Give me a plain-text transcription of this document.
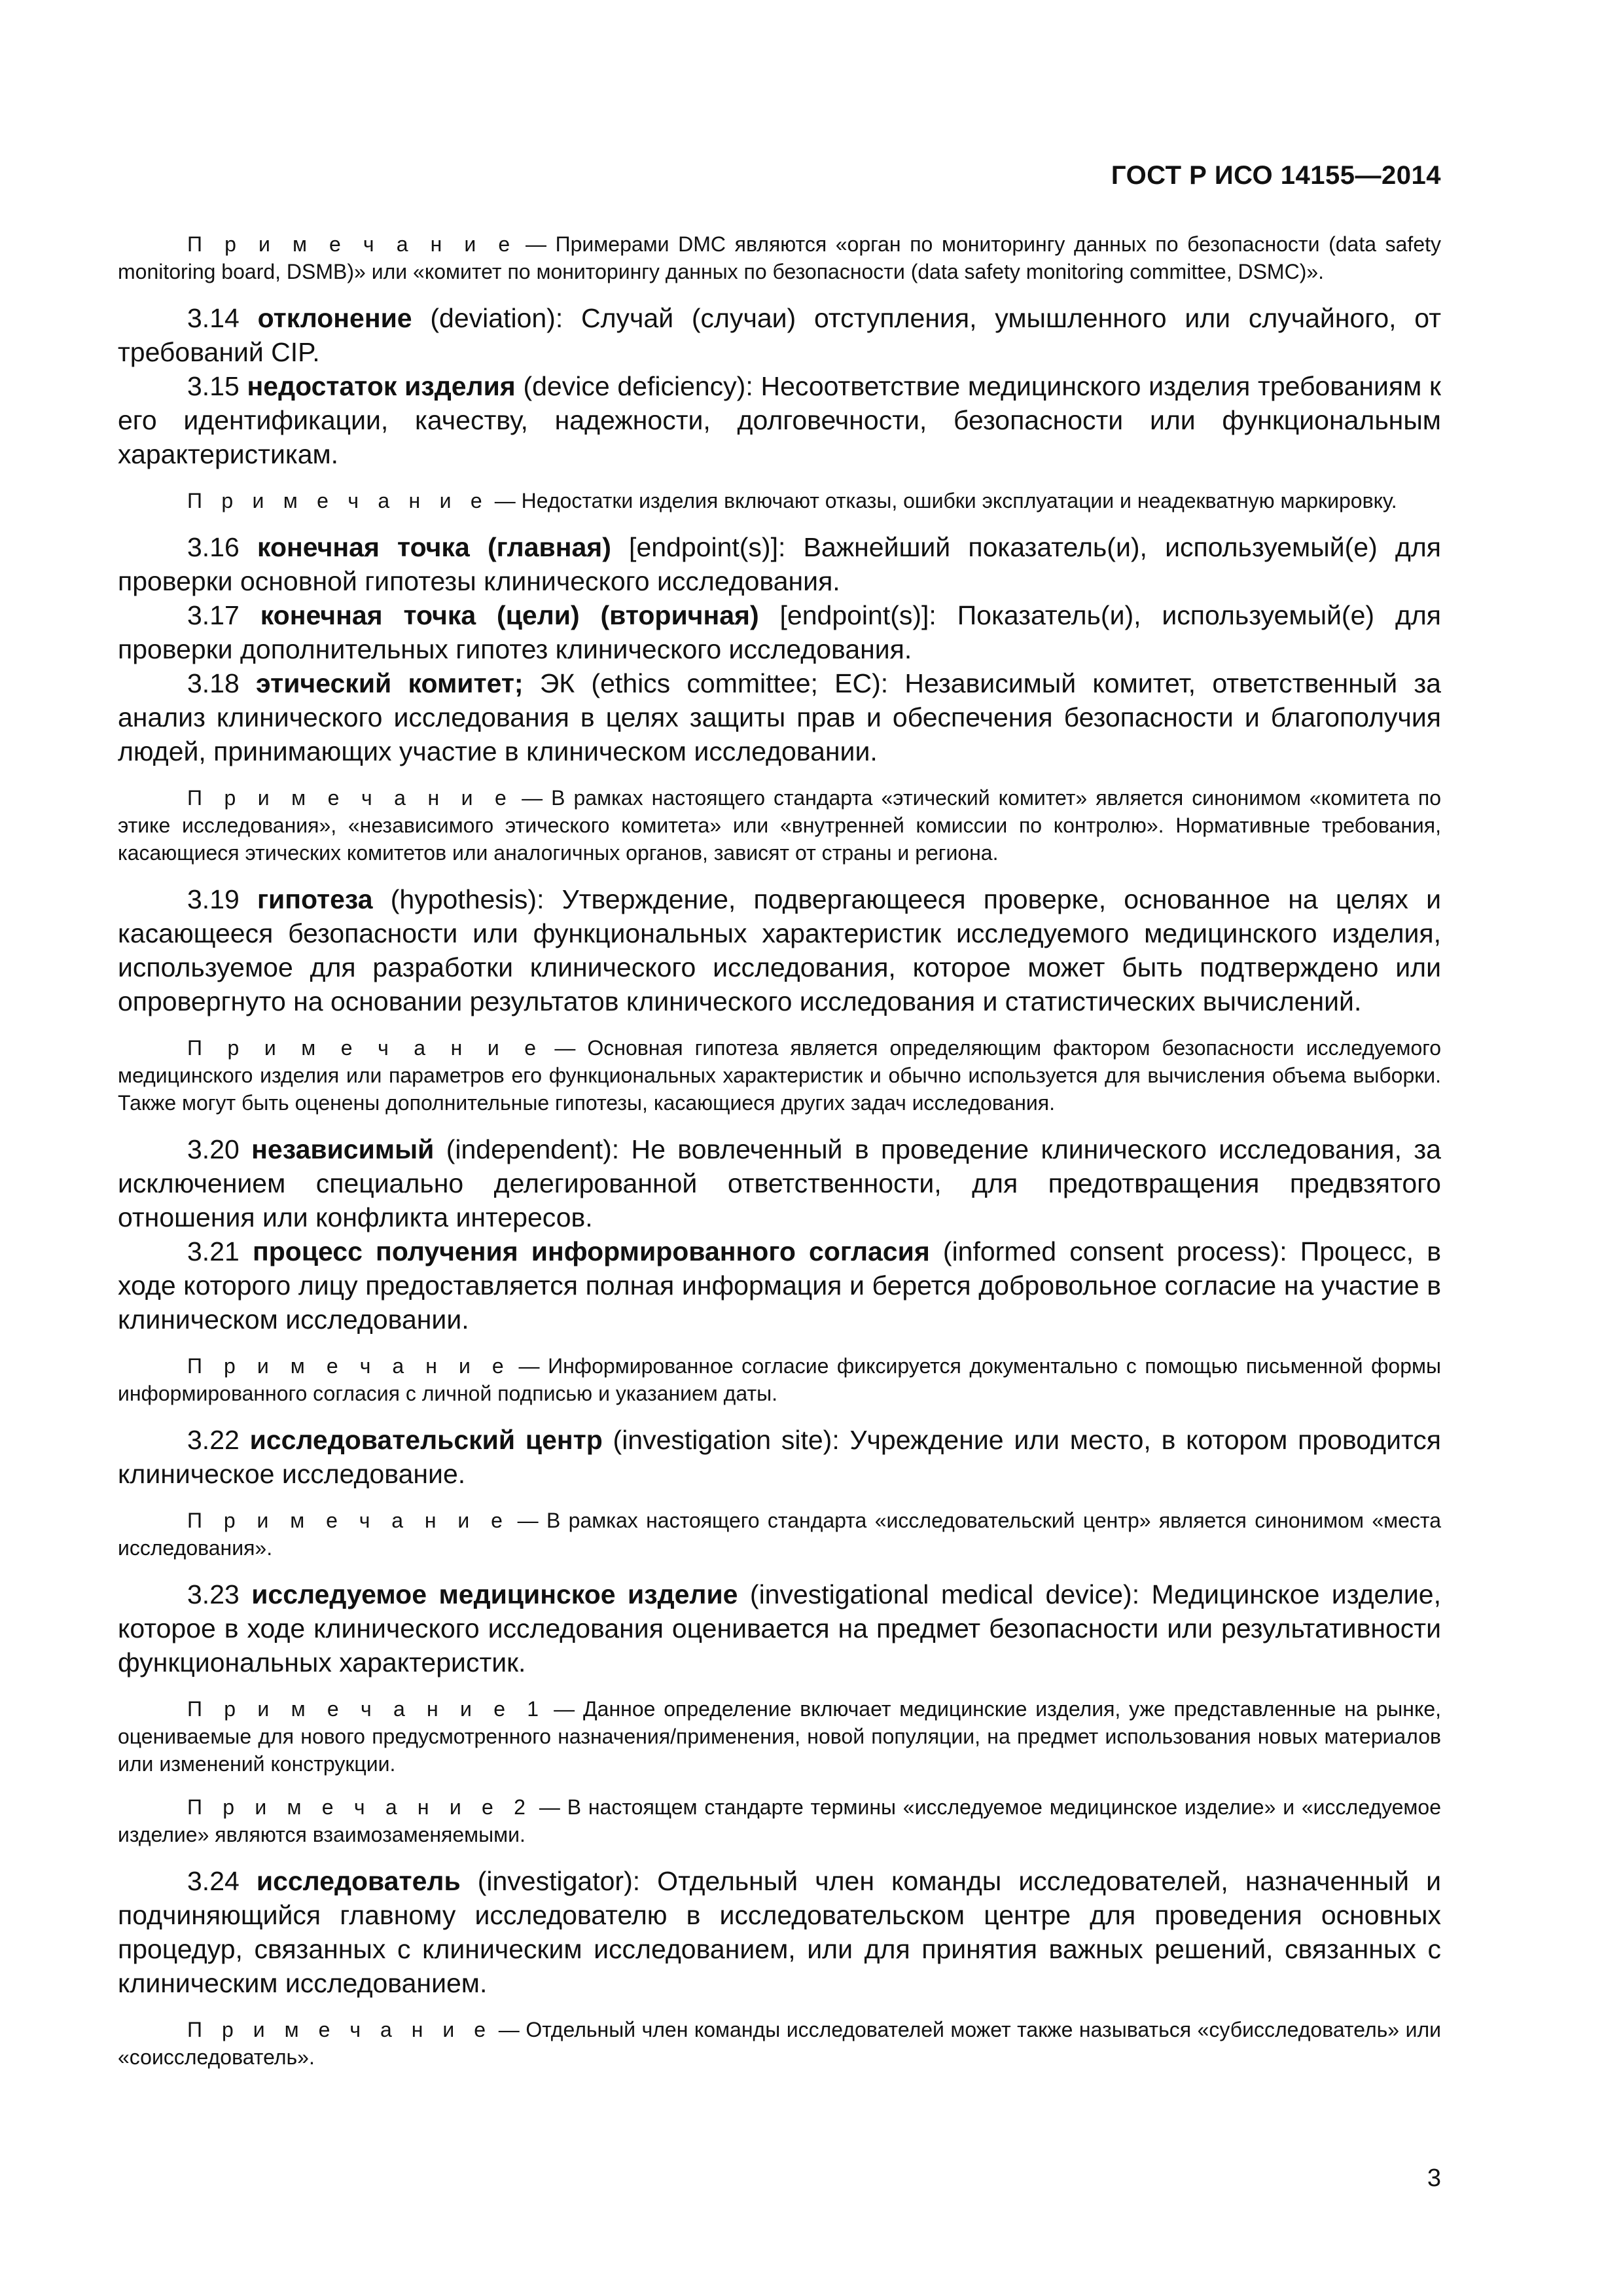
ГОСТ Р ИСО 14155—2014

П р и м е ч а н и е — Примерами DMC являются «орган по мониторингу данных по безопасности (data safety monitoring board, DSMB)» или «комитет по мониторингу данных по безопасности (data safety monitoring committee, DSMC)».

3.14 отклонение (deviation): Случай (случаи) отступления, умышленного или случайного, от требований CIP.

3.15 недостаток изделия (device deficiency): Несоответствие медицинского изделия требованиям к его идентификации, качеству, надежности, долговечности, безопасности или функциональным характеристикам.

П р и м е ч а н и е — Недостатки изделия включают отказы, ошибки эксплуатации и неадекватную маркировку.

3.16 конечная точка (главная) [endpoint(s)]: Важнейший показатель(и), используемый(е) для проверки основной гипотезы клинического исследования.

3.17 конечная точка (цели) (вторичная) [endpoint(s)]: Показатель(и), используемый(е) для проверки дополнительных гипотез клинического исследования.

3.18 этический комитет; ЭК (ethics committee; EC): Независимый комитет, ответственный за анализ клинического исследования в целях защиты прав и обеспечения безопасности и благополучия людей, принимающих участие в клиническом исследовании.

П р и м е ч а н и е — В рамках настоящего стандарта «этический комитет» является синонимом «комитета по этике исследования», «независимого этического комитета» или «внутренней комиссии по контролю». Нормативные требования, касающиеся этических комитетов или аналогичных органов, зависят от страны и региона.

3.19 гипотеза (hypothesis): Утверждение, подвергающееся проверке, основанное на целях и касающееся безопасности или функциональных характеристик исследуемого медицинского изделия, используемое для разработки клинического исследования, которое может быть подтверждено или опровергнуто на основании результатов клинического исследования и статистических вычислений.

П р и м е ч а н и е — Основная гипотеза является определяющим фактором безопасности исследуемого медицинского изделия или параметров его функциональных характеристик и обычно используется для вычисления объема выборки. Также могут быть оценены дополнительные гипотезы, касающиеся других задач исследования.

3.20 независимый (independent): Не вовлеченный в проведение клинического исследования, за исключением специально делегированной ответственности, для предотвращения предвзятого отношения или конфликта интересов.

3.21 процесс получения информированного согласия (informed consent process): Процесс, в ходе которого лицу предоставляется полная информация и берется добровольное согласие на участие в клиническом исследовании.

П р и м е ч а н и е — Информированное согласие фиксируется документально с помощью письменной формы информированного согласия с личной подписью и указанием даты.

3.22 исследовательский центр (investigation site): Учреждение или место, в котором проводится клиническое исследование.

П р и м е ч а н и е — В рамках настоящего стандарта «исследовательский центр» является синонимом «места исследования».

3.23 исследуемое медицинское изделие (investigational medical device): Медицинское изделие, которое в ходе клинического исследования оценивается на предмет безопасности или результативности функциональных характеристик.

П р и м е ч а н и е 1 — Данное определение включает медицинские изделия, уже представленные на рынке, оцениваемые для нового предусмотренного назначения/применения, новой популяции, на предмет использования новых материалов или изменений конструкции.

П р и м е ч а н и е 2 — В настоящем стандарте термины «исследуемое медицинское изделие» и «исследуемое изделие» являются взаимозаменяемыми.

3.24 исследователь (investigator): Отдельный член команды исследователей, назначенный и подчиняющийся главному исследователю в исследовательском центре для проведения основных процедур, связанных с клиническим исследованием, или для принятия важных решений, связанных с клиническим исследованием.

П р и м е ч а н и е — Отдельный член команды исследователей может также называться «субисследователь» или «соисследователь».

3
